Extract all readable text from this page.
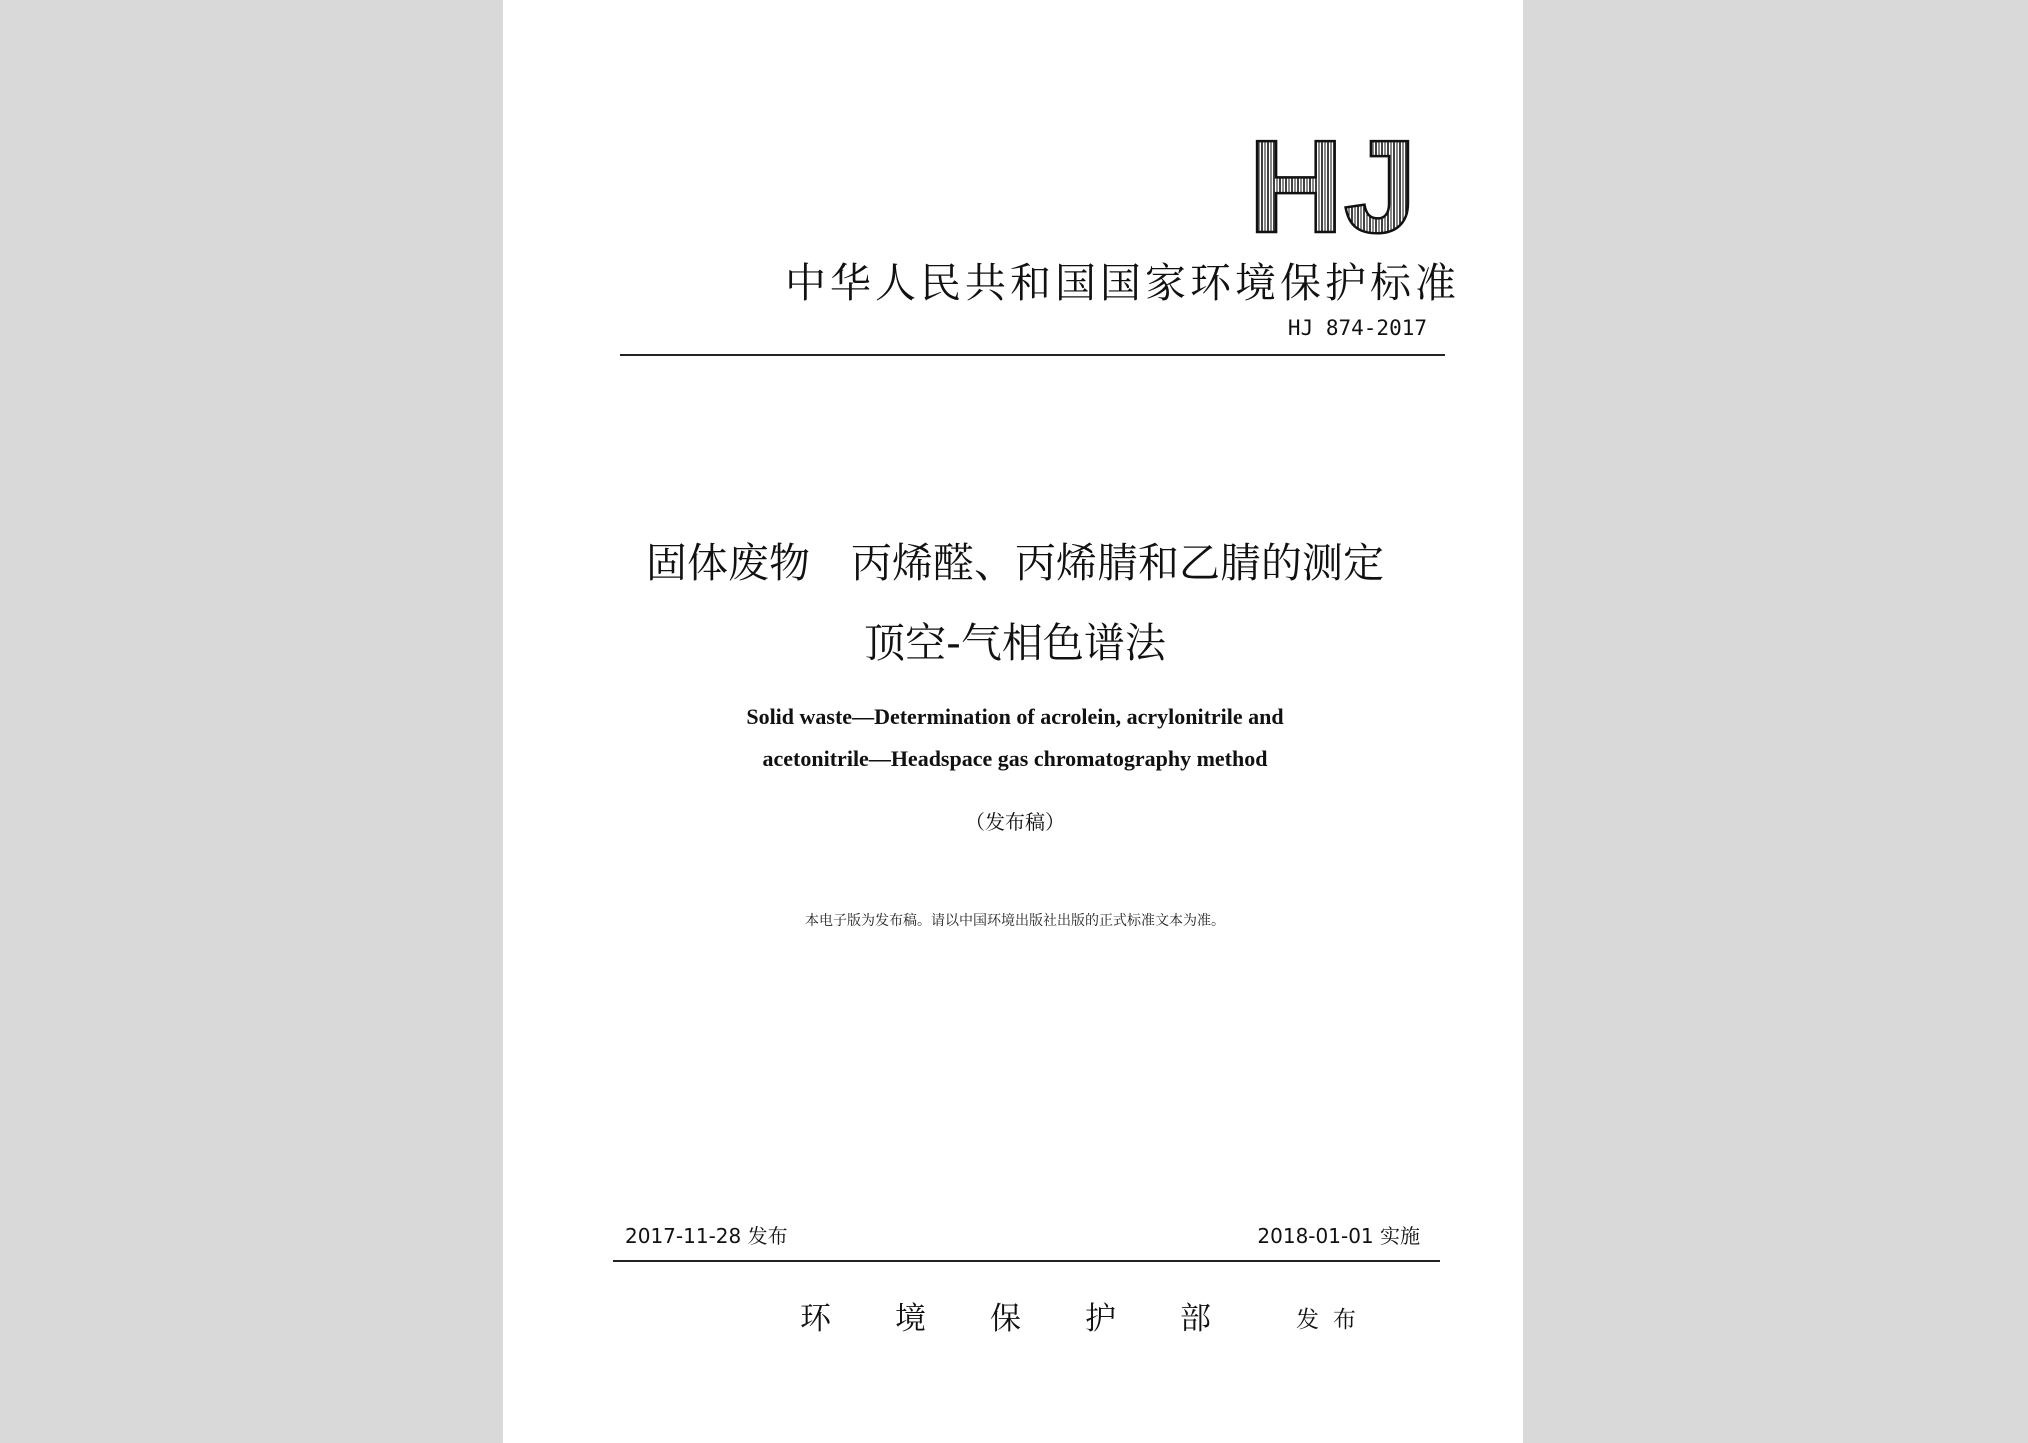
HJ
中华人民共和国国家环境保护标准
HJ 874-2017
固体废物　丙烯醛、丙烯腈和乙腈的测定
顶空-气相色谱法
Solid waste—Determination of acrolein, acrylonitrile and
acetonitrile—Headspace gas chromatography method
（发布稿）
本电子版为发布稿。请以中国环境出版社出版的正式标准文本为准。
2017-11-28 发布	2018-01-01 实施
环境保护部 发布
